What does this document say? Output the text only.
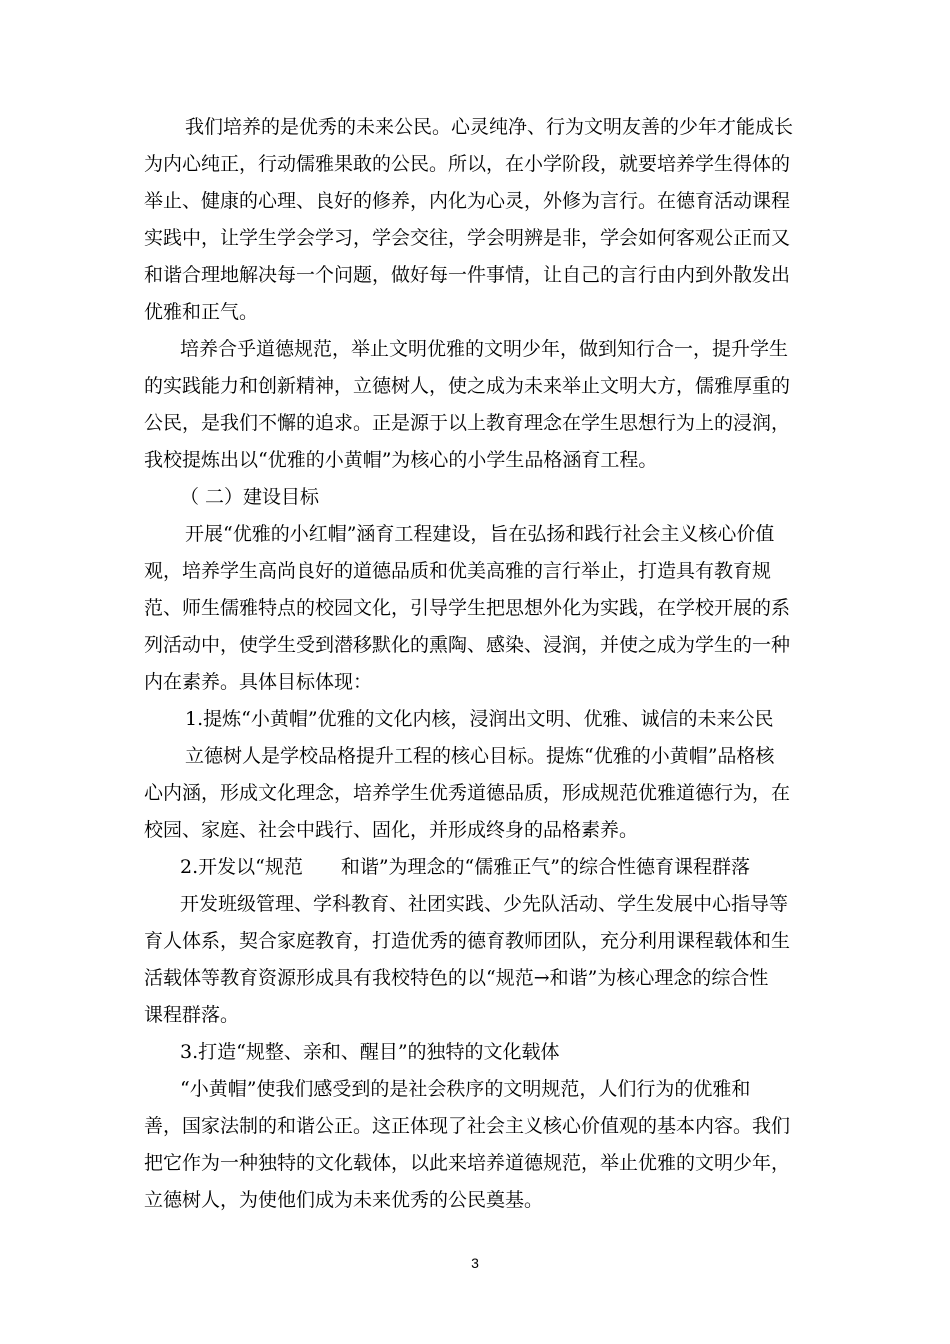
我们培养的是优秀的未来公民。心灵纯净、行为文明友善的少年才能成长
为内心纯正，行动儒雅果敢的公民。所以，在小学阶段，就要培养学生得体的
举止、健康的心理、良好的修养，内化为心灵，外修为言行。在德育活动课程
实践中，让学生学会学习，学会交往，学会明辨是非，学会如何客观公正而又
和谐合理地解决每一个问题，做好每一件事情，让自己的言行由内到外散发出
优雅和正气。
培养合乎道德规范，举止文明优雅的文明少年，做到知行合一，提升学生
的实践能力和创新精神，立德树人，使之成为未来举止文明大方，儒雅厚重的
公民，是我们不懈的追求。正是源于以上教育理念在学生思想行为上的浸润，
我校提炼出以“优雅的小黄帽”为核心的小学生品格涵育工程。
（ 二）建设目标
开展“优雅的小红帽”涵育工程建设，旨在弘扬和践行社会主义核心价值
观，培养学生高尚良好的道德品质和优美高雅的言行举止，打造具有教育规
范、师生儒雅特点的校园文化，引导学生把思想外化为实践，在学校开展的系
列活动中，使学生受到潜移默化的熏陶、感染、浸润，并使之成为学生的一种
内在素养。具体目标体现：
1.提炼“小黄帽”优雅的文化内核，浸润出文明、优雅、诚信的未来公民
立德树人是学校品格提升工程的核心目标。提炼“优雅的小黄帽”品格核
心内涵，形成文化理念，培养学生优秀道德品质，形成规范优雅道德行为，在
校园、家庭、社会中践行、固化，并形成终身的品格素养。
2.开发以“规范　　和谐”为理念的“儒雅正气”的综合性德育课程群落
开发班级管理、学科教育、社团实践、少先队活动、学生发展中心指导等
育人体系，契合家庭教育，打造优秀的德育教师团队，充分利用课程载体和生
活载体等教育资源形成具有我校特色的以“规范→和谐”为核心理念的综合性
课程群落。
3.打造“规整、亲和、醒目”的独特的文化载体
“小黄帽”使我们感受到的是社会秩序的文明规范，人们行为的优雅和
善，国家法制的和谐公正。这正体现了社会主义核心价值观的基本内容。我们
把它作为一种独特的文化载体，以此来培养道德规范，举止优雅的文明少年，
立德树人，为使他们成为未来优秀的公民奠基。
3
